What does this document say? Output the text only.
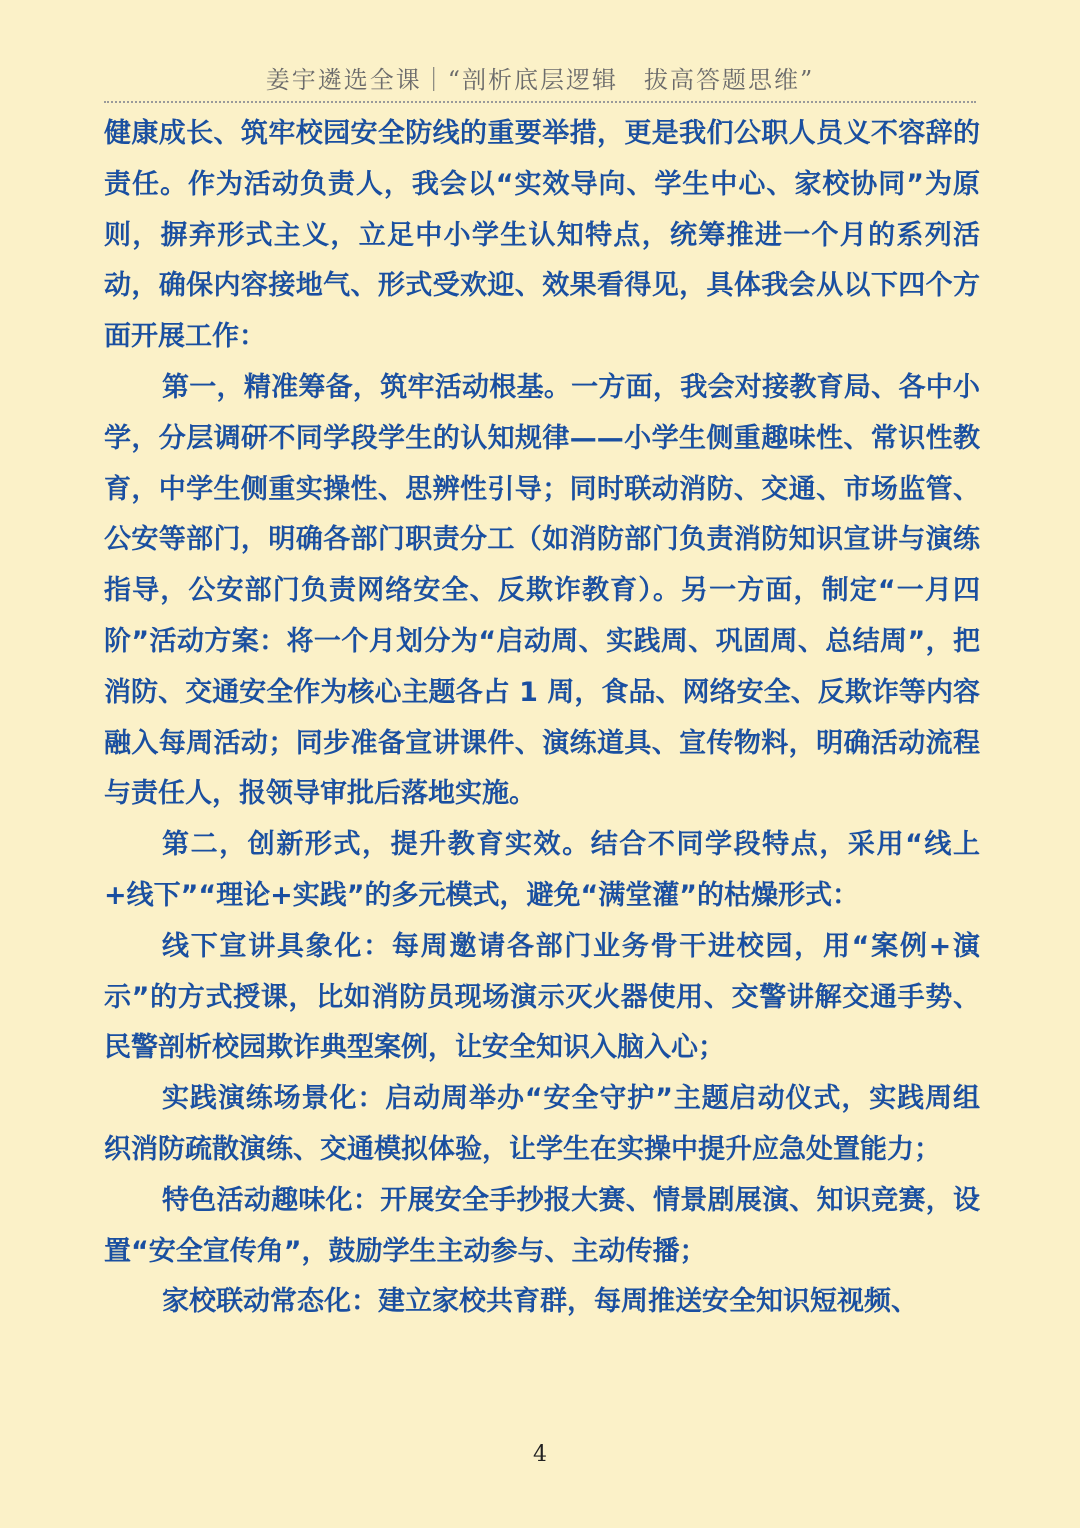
姜宇遴选全课｜“剖析底层逻辑　拔高答题思维”

健康成长、筑牢校园安全防线的重要举措，更是我们公职人员义不容辞的责任。作为活动负责人，我会以“实效导向、学生中心、家校协同”为原则，摒弃形式主义，立足中小学生认知特点，统筹推进一个月的系列活动，确保内容接地气、形式受欢迎、效果看得见，具体我会从以下四个方面开展工作：

第一，精准筹备，筑牢活动根基。一方面，我会对接教育局、各中小学，分层调研不同学段学生的认知规律——小学生侧重趣味性、常识性教育，中学生侧重实操性、思辨性引导；同时联动消防、交通、市场监管、公安等部门，明确各部门职责分工（如消防部门负责消防知识宣讲与演练指导，公安部门负责网络安全、反欺诈教育）。另一方面，制定“一月四阶”活动方案：将一个月划分为“启动周、实践周、巩固周、总结周”，把消防、交通安全作为核心主题各占 1 周，食品、网络安全、反欺诈等内容融入每周活动；同步准备宣讲课件、演练道具、宣传物料，明确活动流程与责任人，报领导审批后落地实施。

第二，创新形式，提升教育实效。结合不同学段特点，采用“线上+线下”“理论+实践”的多元模式，避免“满堂灌”的枯燥形式：

线下宣讲具象化：每周邀请各部门业务骨干进校园，用“案例+演示”的方式授课，比如消防员现场演示灭火器使用、交警讲解交通手势、民警剖析校园欺诈典型案例，让安全知识入脑入心；

实践演练场景化：启动周举办“安全守护”主题启动仪式，实践周组织消防疏散演练、交通模拟体验，让学生在实操中提升应急处置能力；

特色活动趣味化：开展安全手抄报大赛、情景剧展演、知识竞赛，设置“安全宣传角”，鼓励学生主动参与、主动传播；

家校联动常态化：建立家校共育群，每周推送安全知识短视频、

4
